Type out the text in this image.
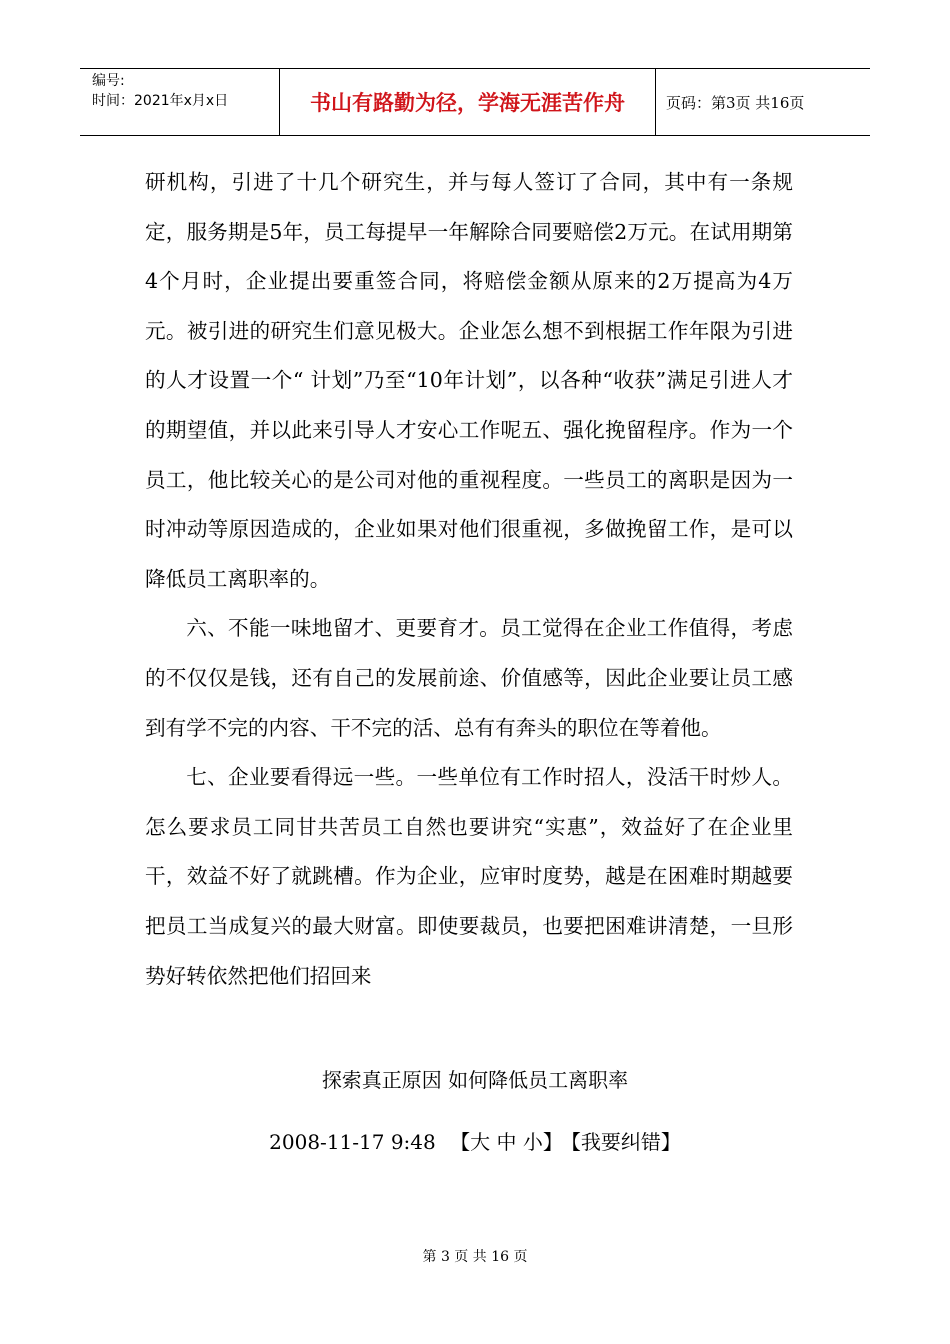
编号:
时间：2021年x月x日	书山有路勤为径，学海无涯苦作舟	页码：第3页 共16页

研机构，引进了十几个研究生，并与每人签订了合同，其中有一条规定，服务期是5年，员工每提早一年解除合同要赔偿2万元。在试用期第4个月时，企业提出要重签合同，将赔偿金额从原来的2万提高为4万元。被引进的研究生们意见极大。企业怎么想不到根据工作年限为引进的人才设置一个“ 计划”乃至“10年计划”，以各种“收获”满足引进人才的期望值，并以此来引导人才安心工作呢五、强化挽留程序。作为一个员工，他比较关心的是公司对他的重视程度。一些员工的离职是因为一时冲动等原因造成的，企业如果对他们很重视，多做挽留工作，是可以降低员工离职率的。

六、不能一味地留才、更要育才。员工觉得在企业工作值得，考虑的不仅仅是钱，还有自己的发展前途、价值感等，因此企业要让员工感到有学不完的内容、干不完的活、总有有奔头的职位在等着他。

七、企业要看得远一些。一些单位有工作时招人，没活干时炒人。怎么要求员工同甘共苦员工自然也要讲究“实惠”，效益好了在企业里干，效益不好了就跳槽。作为企业，应审时度势，越是在困难时期越要把员工当成复兴的最大财富。即使要裁员，也要把困难讲清楚，一旦形势好转依然把他们招回来

探索真正原因 如何降低员工离职率
2008-11-17 9:48 【大 中 小】 【我要纠错】
第 3 页 共 16 页
